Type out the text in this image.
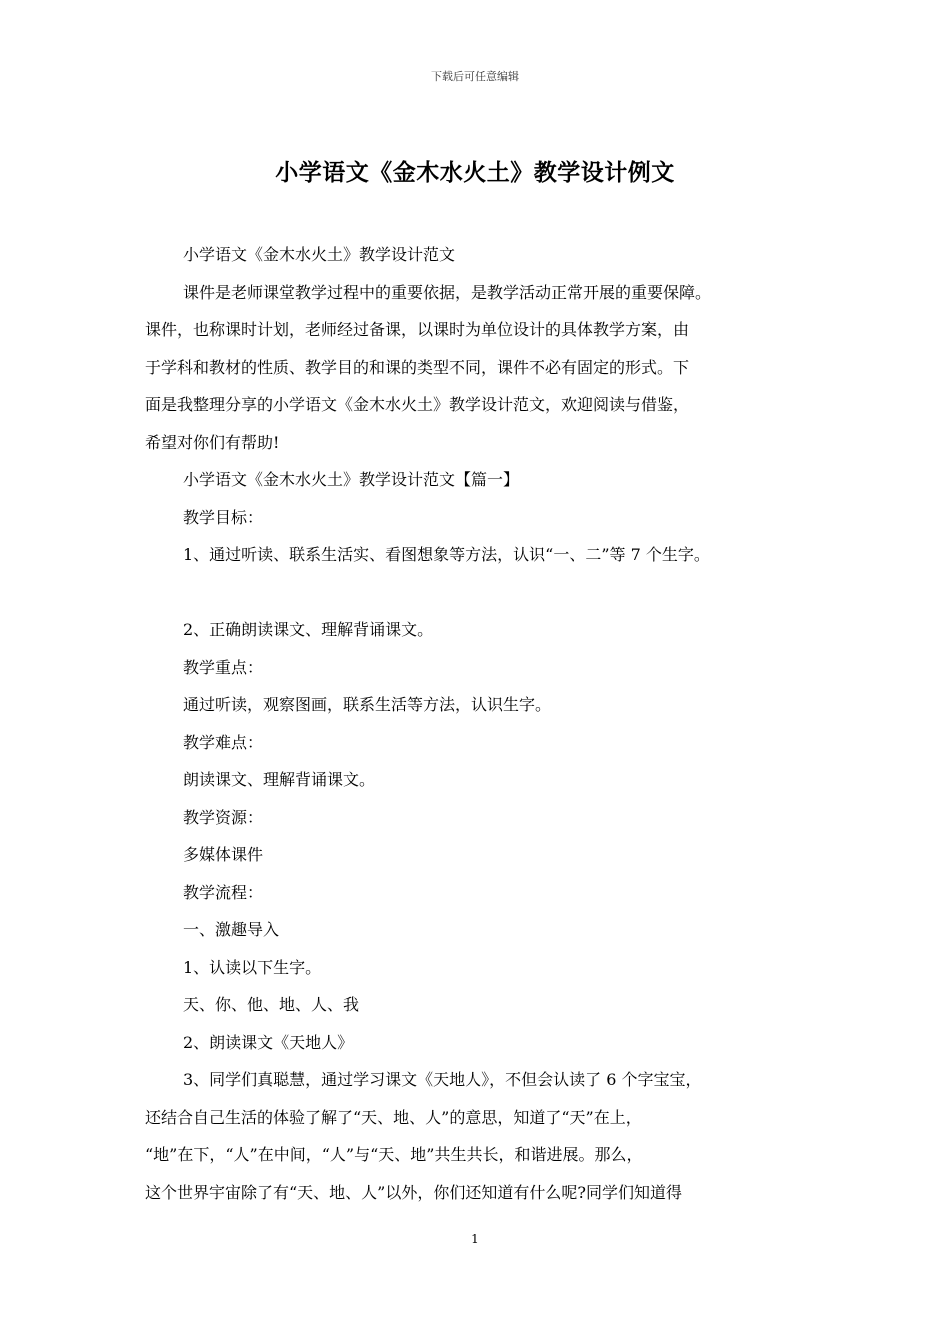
下载后可任意编辑
小学语文《金木水火土》教学设计例文

小学语文《金木水火土》教学设计范文

课件是老师课堂教学过程中的重要依据，是教学活动正常开展的重要保障。

课件，也称课时计划，老师经过备课，以课时为单位设计的具体教学方案，由

于学科和教材的性质、教学目的和课的类型不同，课件不必有固定的形式。下

面是我整理分享的小学语文《金木水火土》教学设计范文，欢迎阅读与借鉴，

希望对你们有帮助!

小学语文《金木水火土》教学设计范文【篇一】

教学目标：

1、通过听读、联系生活实、看图想象等方法，认识“一、二”等 7 个生字。

2、正确朗读课文、理解背诵课文。

教学重点：

通过听读，观察图画，联系生活等方法，认识生字。

教学难点：

朗读课文、理解背诵课文。

教学资源：

多媒体课件

教学流程：

一、激趣导入

1、认读以下生字。

天、你、他、地、人、我

2、朗读课文《天地人》

3、同学们真聪慧，通过学习课文《天地人》，不但会认读了 6 个字宝宝，

还结合自己生活的体验了解了“天、地、人”的意思，知道了“天”在上，

“地”在下，“人”在中间，“人”与“天、地”共生共长，和谐进展。那么，

这个世界宇宙除了有“天、地、人”以外，你们还知道有什么呢?同学们知道得

1
